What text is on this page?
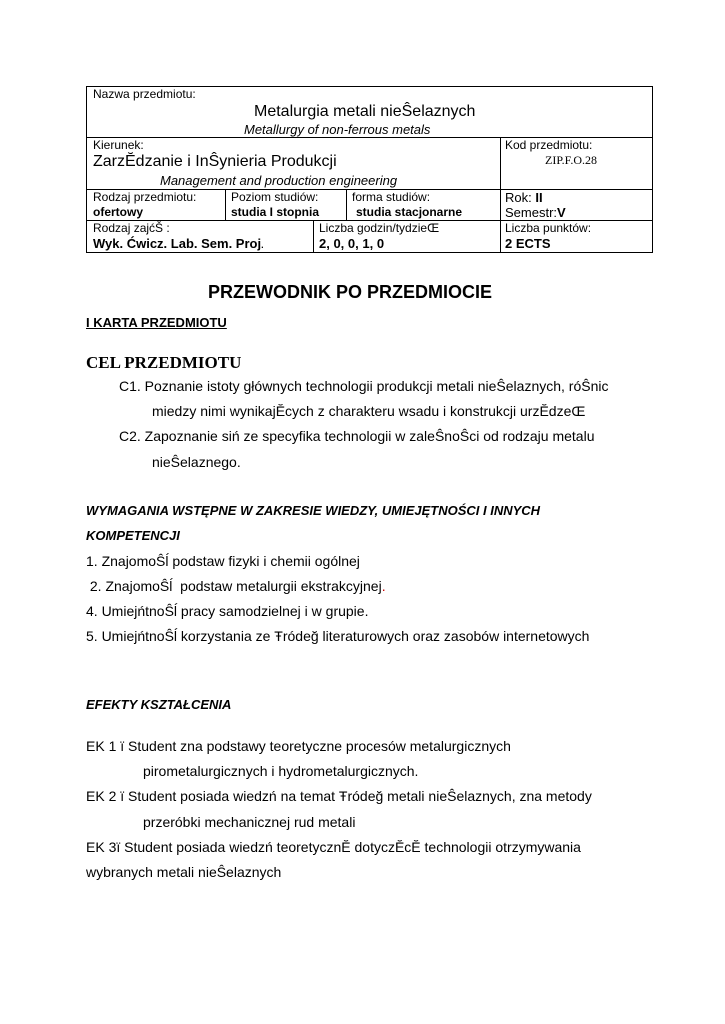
Nazwa przedmiotu:
Metalurgia metali nieŜelaznych
Metallurgy of non-ferrous metals
Kierunek:
ZarzĔdzanie i InŜynieria Produkcji
Management and production engineering
Kod przedmiotu:
ZIP.F.O.28
Rodzaj przedmiotu:
ofertowy
Poziom studiów:
studia I stopnia
forma studiów:
studia stacjonarne
Rok: II
Semestr:V
Rodzaj zajćŠ :
Wyk. Ćwicz. Lab. Sem. Proj.
Liczba godzin/tydzieŒ
2, 0, 0, 1, 0
Liczba punktów:
2 ECTS
PRZEWODNIK PO PRZEDMIOCIE
I KARTA PRZEDMIOTU
CEL PRZEDMIOTU
C1. Poznanie istoty głównych technologii produkcji metali nieŜelaznych, róŜnic
miedzy nimi wynikajĔcych z charakteru wsadu i konstrukcji urzĔdzeŒ
C2. Zapoznanie siń ze specyfika technologii w zaleŜnoŜci od rodzaju metalu
nieŜelaznego.
WYMAGANIA WSTĘPNE W ZAKRESIE WIEDZY, UMIEJĘTNOŚCI I INNYCH
KOMPETENCJI
1. ZnajomoŜĺ podstaw fizyki i chemii ogólnej
2. ZnajomoŜĺ  podstaw metalurgii ekstrakcyjnej.
4. UmiejńtnoŜĺ pracy samodzielnej i w grupie.
5. UmiejńtnoŜĺ korzystania ze Ŧródeğ literaturowych oraz zasobów internetowych
EFEKTY KSZTAŁCENIA
EK 1 ï Student zna podstawy teoretyczne procesów metalurgicznych
pirometalurgicznych i hydrometalurgicznych.
EK 2 ï Student posiada wiedzń na temat Ŧródeğ metali nieŜelaznych, zna metody
przeróbki mechanicznej rud metali
EK 3ï Student posiada wiedzń teoretycznĔ dotyczĔcĔ technologii otrzymywania
wybranych metali nieŜelaznych
